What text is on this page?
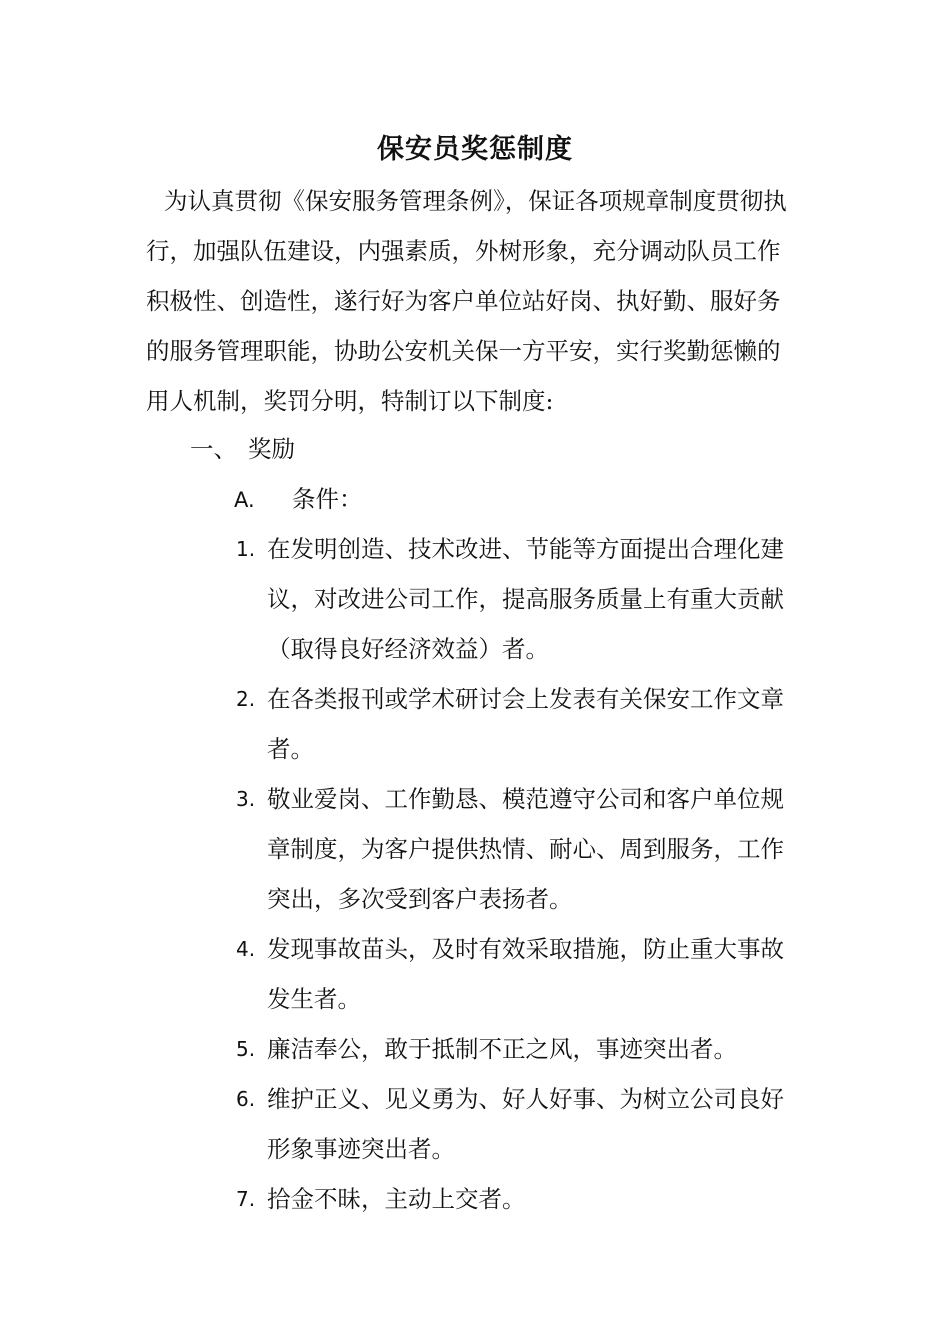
保安员奖惩制度
为认真贯彻《保安服务管理条例》，保证各项规章制度贯彻执
行，加强队伍建设，内强素质，外树形象，充分调动队员工作
积极性、创造性，遂行好为客户单位站好岗、执好勤、服好务
的服务管理职能，协助公安机关保一方平安，实行奖勤惩懒的
用人机制，奖罚分明，特制订以下制度:
一、 奖励
A. 条件：
1. 在发明创造、技术改进、节能等方面提出合理化建
议，对改进公司工作，提高服务质量上有重大贡献
（取得良好经济效益）者。
2. 在各类报刊或学术研讨会上发表有关保安工作文章
者。
3. 敬业爱岗、工作勤恳、模范遵守公司和客户单位规
章制度，为客户提供热情、耐心、周到服务，工作
突出，多次受到客户表扬者。
4. 发现事故苗头，及时有效采取措施，防止重大事故
发生者。
5. 廉洁奉公，敢于抵制不正之风，事迹突出者。
6. 维护正义、见义勇为、好人好事、为树立公司良好
形象事迹突出者。
7. 拾金不昧，主动上交者。
